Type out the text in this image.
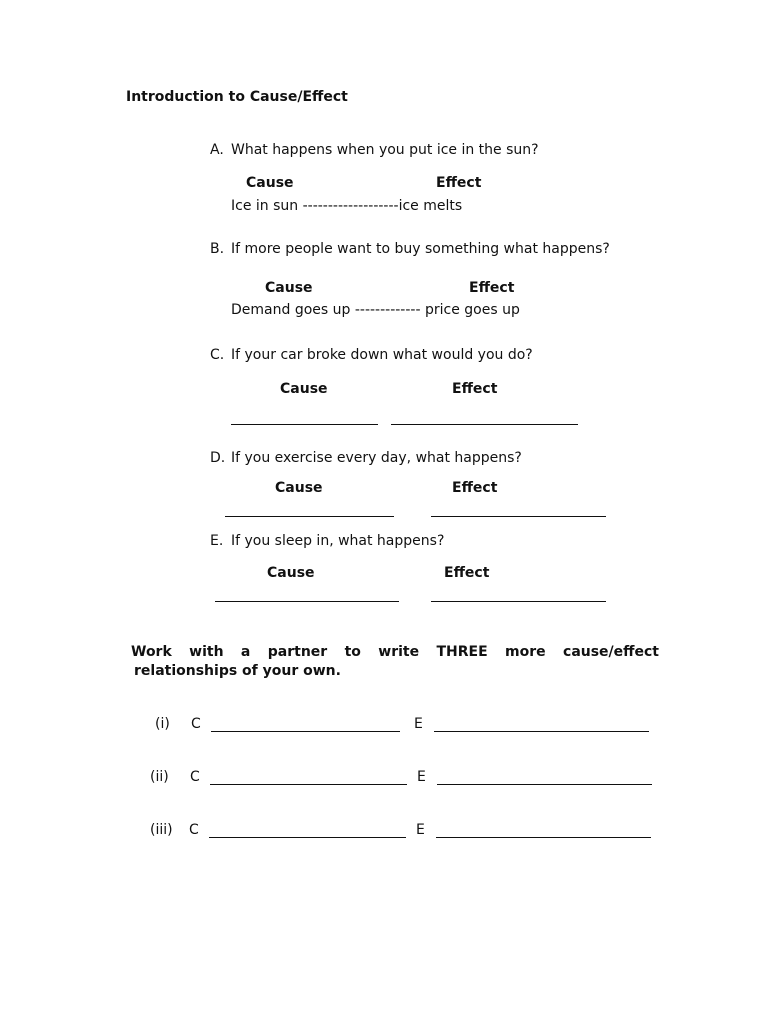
Introduction to Cause/Effect
A. What happens when you put ice in the sun?
Cause	Effect
Ice in sun -------------------ice melts
B. If more people want to buy something what happens?
Cause	Effect
Demand goes up ------------- price goes up
C. If your car broke down what would you do?
Cause	Effect
D. If you exercise every day, what happens?
Cause	Effect
E. If you sleep in, what happens?
Cause	Effect
Work with a partner to write THREE more cause/effect
relationships of your own.
(i) C	E
(ii) C	E
(iii) C	E
